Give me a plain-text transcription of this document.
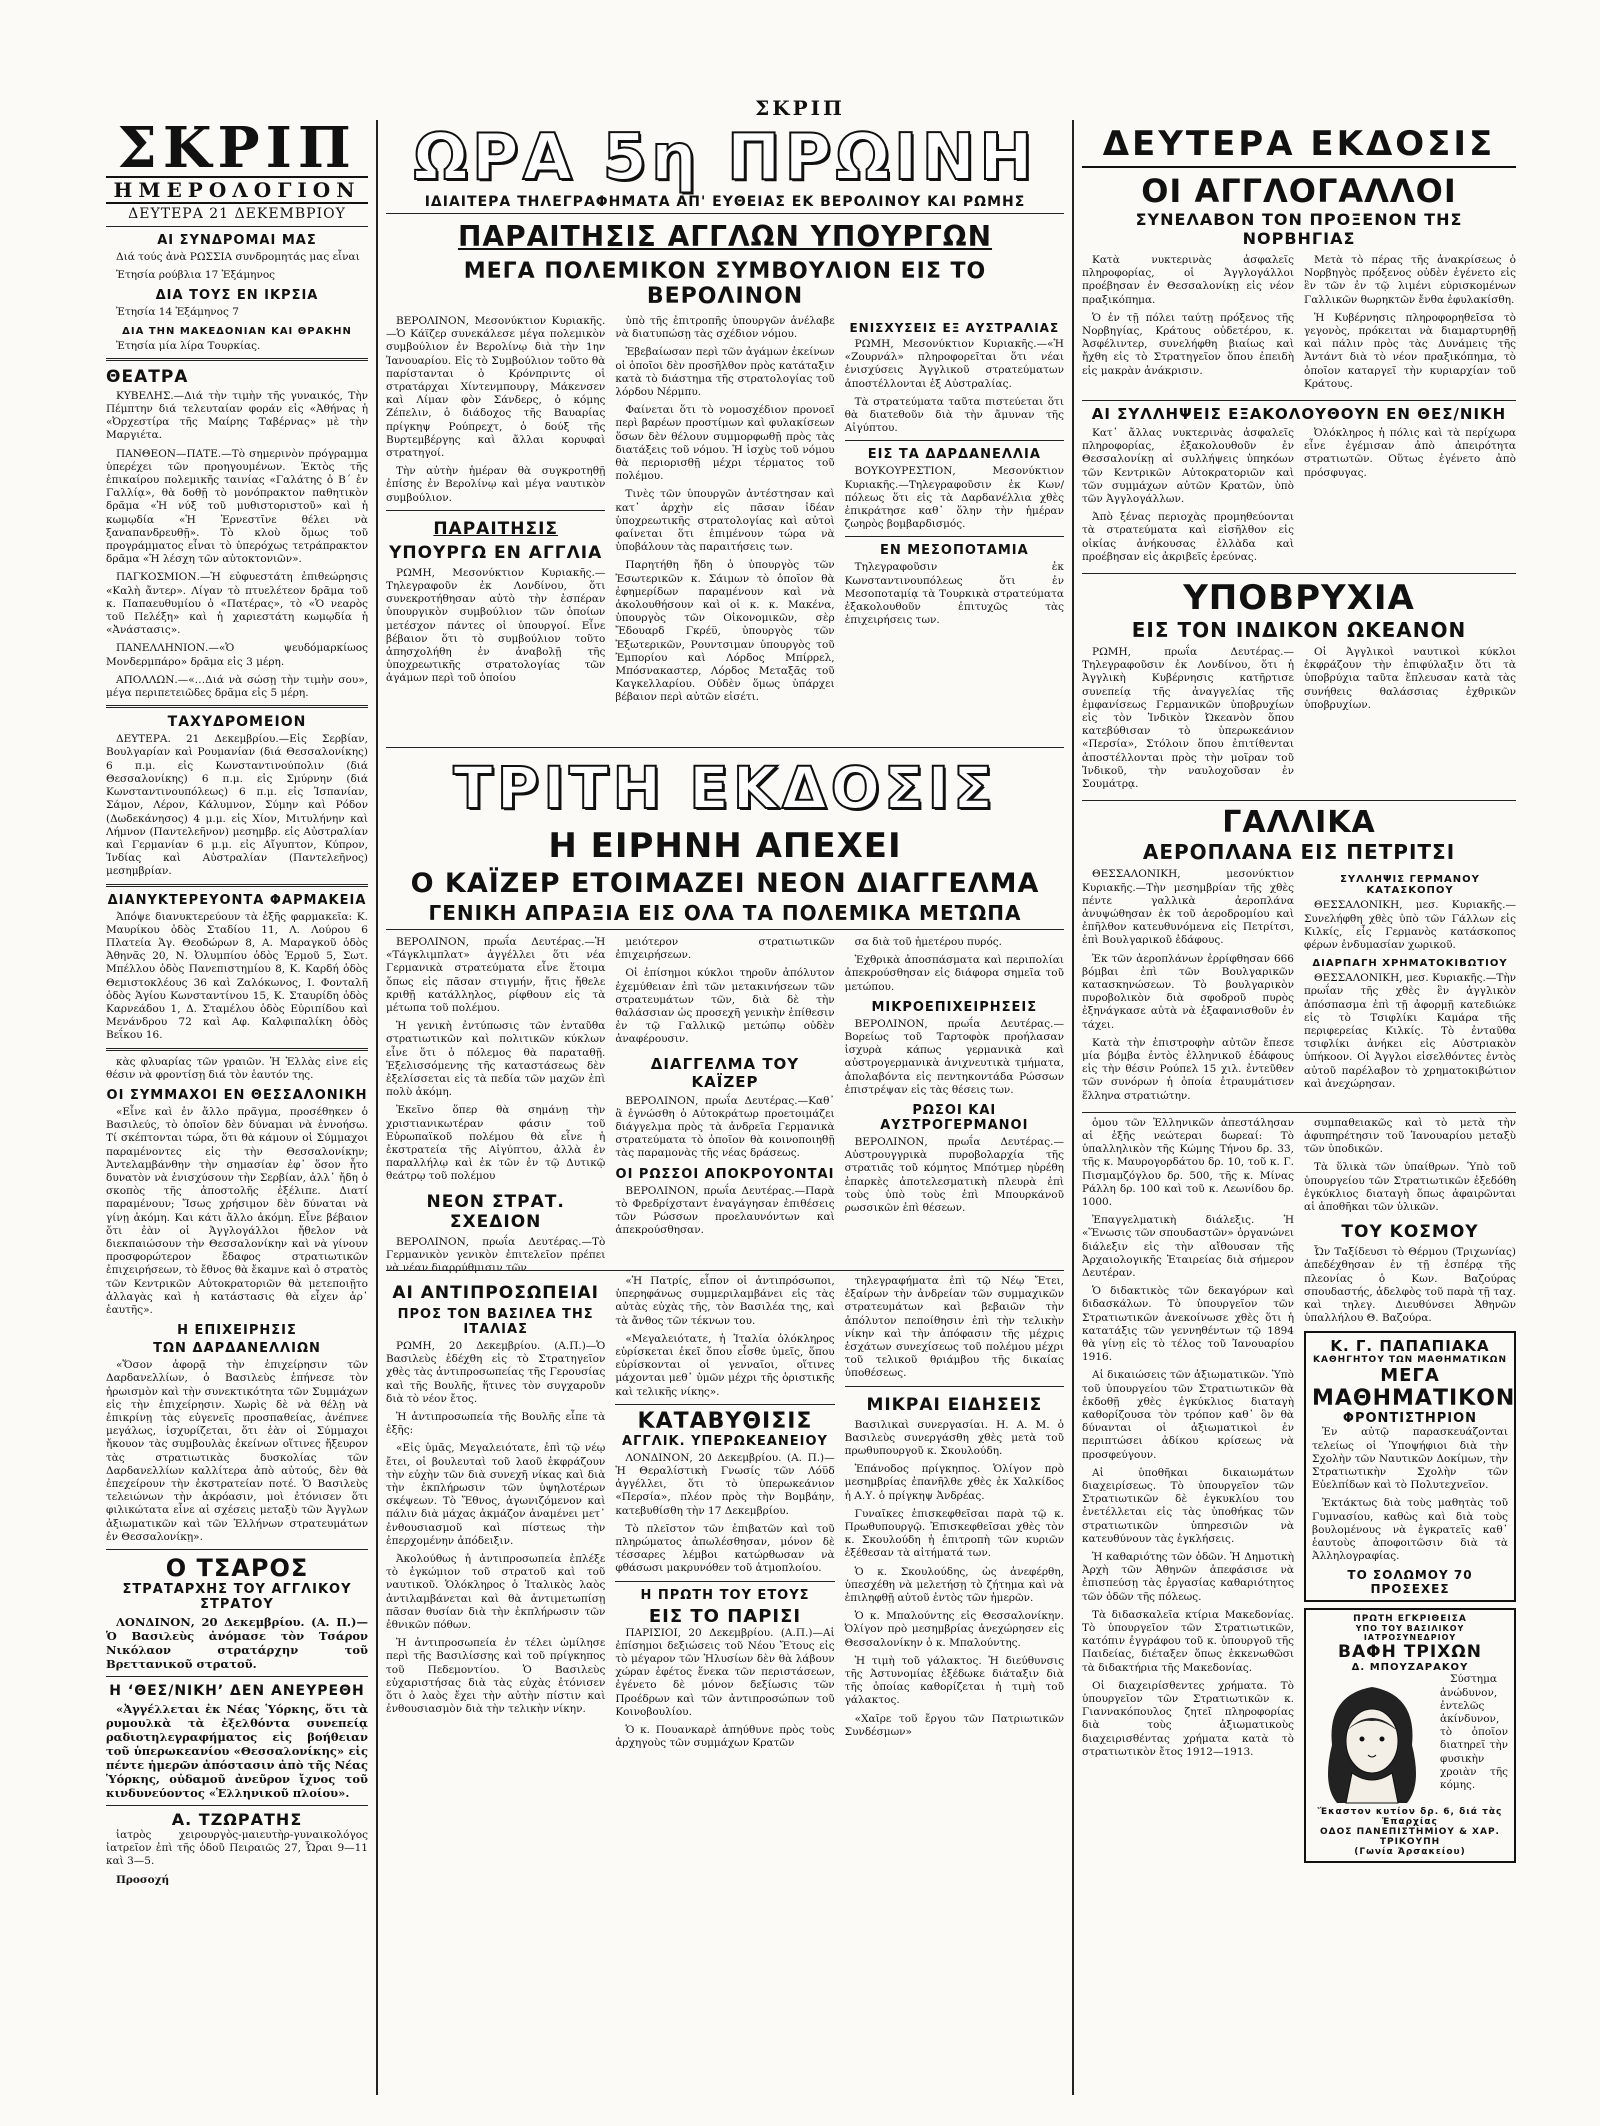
ΣΚΡΙΠ
ΣΚΡΙΠ
ΗΜΕΡΟΛΟΓΙΟΝ
ΔΕΥΤΕΡΑ 21 ΔΕΚΕΜΒΡΙΟΥ
ΑΙ ΣΥΝΔΡΟΜΑΙ ΜΑΣ

Διά τούς ἀνὰ ΡΩΣΣΙΑ συνδρομητάς μας εἶναι

Ἐτησία ρούβλια 17 Ἑξάμηνος

ΔΙΑ ΤΟΥΣ ΕΝ ΙΚΡΣΙΑ

Ἐτησία 14 Ἑξάμηνος 7

ΔΙΑ ΤΗΝ ΜΑΚΕΔΟΝΙΑΝ ΚΑΙ ΘΡΑΚΗΝ

Ἐτησία μία λίρα Τουρκίας.

ΘΕΑΤΡΑ

ΚΥΒΕΛΗΣ.—Διά τὴν τιμὴν τῆς γυναικός, Τὴν Πέμπτην διά τελευταίαν φοράν εἰς «Ἀθήνας ἡ «Ὀρχεστίρα τῆς Μαίρης Ταβέρνας» μὲ τὴν Μαργιέτα.

ΠΑΝΘΕΟΝ—ΠΑΤΕ.—Τὸ σημερινὸν πρόγραμμα ὑπερέχει τῶν προηγουμένων. Ἐκτὸς τῆς ἐπικαίρου πολεμικῆς ταινίας «Γαλάτης ὁ Β΄ ἐν Γαλλίᾳ», θὰ δοθῇ τὸ μονόπρακτον παθητικὸν δρᾶμα «Ἡ νύξ τοῦ μυθιστοριστοῦ» καὶ ἡ κωμῳδία «Ἡ Ἐρνεστῖνε θέλει νὰ ξαναπανδρευθῇ». Τὸ κλοὺ ὅμως τοῦ προγράμματος εἶναι τὸ ὑπερόχως τετράπρακτον δρᾶμα «Ἡ λέσχη τῶν αὐτοκτονιῶν».

ΠΑΓΚΟΣΜΙΟΝ.—Ἡ εὐφυεστάτη ἐπιθεώρησις «Καλὴ ἄντερ». Λίγαν τὸ πτυελέτεον δρᾶμα τοῦ κ. Παπαευθυμίου ὁ «Πατέρας», τὸ «Ὁ νεαρὸς τοῦ Πελέξη» καὶ ἡ χαριεστάτη κωμῳδία ἡ «Ἀνάστασις».

ΠΑΝΕΛΛΗΝΙΟΝ.—«Ὁ ψευδόμαρκίωος Μονδερμπάρο» δρᾶμα εἰς 3 μέρη.

ΑΠΟΛΛΩΝ.—«…Διά νὰ σώσῃ τὴν τιμὴν σου», μέγα περιπετειῶδες δρᾶμα εἰς 5 μέρη.

ΤΑΧΥΔΡΟΜΕΙΟΝ

ΔΕΥΤΕΡΑ. 21 Δεκεμβρίου.—Εἰς Σερβίαν, Βουλγαρίαν καὶ Ρουμανίαν (διά Θεσσαλονίκης) 6 π.μ. εἰς Κωνσταντινούπολιν (διά Θεσσαλονίκης) 6 π.μ. εἰς Σμύρνην (διά Κωνσταντινουπόλεως) 6 π.μ. εἰς Ἰσπανίαν, Σάμον, Λέρον, Κάλυμνον, Σύμην καὶ Ρόδον (Δωδεκάνησος) 4 μ.μ. εἰς Χίον, Μιτυλήνην καὶ Λήμνον (Παντελεῆνον) μεσημβρ. εἰς Αὐστραλίαν καὶ Γερμανίαν 6 μ.μ. εἰς Αἴγυπτον, Κύπρον, Ἰνδίας καὶ Αὐστραλίαν (Παντελεῆνος) μεσημβρίαν.

ΔΙΑΝΥΚΤΕΡΕΥΟΝΤΑ ΦΑΡΜΑΚΕΙΑ

Ἀπόψε διανυκτερεύουν τὰ ἑξῆς φαρμακεῖα: Κ. Μαυρίκου ὁδὸς Σταδίου 11, Λ. Λούρου 6 Πλατεία Ἁγ. Θεοδώρων 8, Α. Μαραγκοῦ ὁδὸς Ἀθηνᾶς 20, Ν. Ὀλυμπίου ὁδὸς Ἑρμοῦ 5, Σωτ. Μπέλλου ὁδὸς Πανεπιστημίου 8, Κ. Καρδή ὁδὸς Θεμιστοκλέους 36 καὶ Ζαλόκωνος, Ι. Φονταλῆ ὁδὸς Ἁγίου Κωνσταντίνου 15, Κ. Σταυρίδη ὁδὸς Καρνεάδου 1, Δ. Σταμέλου ὁδὸς Εὐριπίδου καὶ Μενάνδρου 72 καὶ Αφ. Καλφιπαλίκη ὁδὸς Βεΐκου 16.

κὰς φλυαρίας τῶν γραιῶν. Ἡ Ἑλλὰς εἰνε εἰς θέσιν νὰ φροντίσῃ διά τὸν ἑαυτόν της.

ΟΙ ΣΥΜΜΑΧΟΙ ΕΝ ΘΕΣΣΑΛΟΝΙΚΗ

«Εἶνε καὶ ἐν ἄλλο πρᾶγμα, προσέθηκεν ὁ Βασιλεύς, τὸ ὁποῖον δὲν δύναμαι νὰ ἐννοήσω. Τί σκέπτονται τώρα, ὅτι θὰ κάμουν οἱ Σύμμαχοι παραμένοντες εἰς τὴν Θεσσαλονίκην; Ἀντελαμβάνθην τὴν σημασίαν ἐφ᾽ ὅσον ἦτο δυνατὸν νὰ ἐνισχύσουν τὴν Σερβίαν, ἀλλ᾽ ἤδη ὁ σκοπὸς τῆς ἀποστολῆς ἐξέλιπε. Διατί παραμένουν; Ἴσως χρήσιμον δὲν δύναται νὰ γίνῃ ἀκόμη. Και κάτι ἄλλο ἀκόμη. Εἶνε βέβαιον ὅτι ἐὰν οἱ Ἀγγλογάλλοι ἤθελον νὰ διεκπαιώσουν τὴν Θεσσαλονίκην καὶ νὰ γίνουν προσφορώτερον ἔδαφος στρατιωτικῶν ἐπιχειρήσεων, τὸ ἔθνος θὰ ἔκαμνε καὶ ὁ στρατὸς τῶν Κεντρικῶν Αὐτοκρατοριῶν θὰ μετεποιῇτο ἀλλαγὰς καὶ ἡ κατάστασις θὰ εἶχεν ἀρ᾽ ἑαυτῆς».

Η ΕΠΙΧΕΙΡΗΣΙΣ
ΤΩΝ ΔΑΡΔΑΝΕΛΛΙΩΝ

«Ὅσον ἀφορᾷ τὴν ἐπιχείρησιν τῶν Δαρδανελλίων, ὁ Βασιλεὺς ἐπήνεσε τὸν ἡρωισμὸν καὶ τὴν συνεκτικότητα τῶν Συμμάχων εἰς τὴν ἐπιχείρησιν. Χωρὶς δὲ νὰ θέλῃ νὰ ἐπικρίνῃ τὰς εὐγενεῖς προσπαθείας, ἀνέπνεε μεγάλως, ἰσχυρίζεται, ὅτι ἐὰν οἱ Σύμμαχοι ἤκουον τὰς συμβουλὰς ἐκείνων οἵτινες ἤξευρον τὰς στρατιωτικὰς δυσκολίας τῶν Δαρδανελλίων καλλίτερα ἀπὸ αὐτούς, δὲν θὰ ἐπεχείρουν τὴν ἐκστρατείαν ποτέ. Ὁ Βασιλεὺς τελειώνων τὴν ἀκρόασιν, μοὶ ἐτόνισεν ὅτι φιλικώτατα εἶνε αἱ σχέσεις μεταξὺ τῶν Ἀγγλων ἀξιωματικῶν καὶ τῶν Ἑλλήνων στρατευμάτων ἐν Θεσσαλονίκῃ».

Ο ΤΣΑΡΟΣ
ΣΤΡΑΤΑΡΧΗΣ ΤΟΥ ΑΓΓΛΙΚΟΥ ΣΤΡΑΤΟΥ

ΛΟΝΔΙΝΟΝ, 20 Δεκεμβρίου. (Α. Π.)—Ὁ Βασιλεὺς ἀνόμασε τὸν Τσάρον Νικόλαον στρατάρχην τοῦ Βρεττανικοῦ στρατοῦ.

Η ‘ΘΕΣ/ΝΙΚΗ’ ΔΕΝ ΑΝΕΥΡΕΘΗ

«Ἀγγέλλεται ἐκ Νέας Ὑόρκης, ὅτι τὰ ρυμουλκὰ τὰ ἐξελθόντα συνεπείᾳ ραδιοτηλεγραφήματος εἰς βοήθειαν τοῦ ὑπερωκεανίου «Θεσσαλονίκης» εἰς πέντε ἡμερῶν ἀπόστασιν ἀπὸ τῆς Νέας Ὑόρκης, οὐδαμοῦ ἀνεῦρον ἴχνος τοῦ κινδυνεύοντος «Ἑλληνικοῦ πλοίου».

Α. ΤΖΩΡΑΤΗΣ

ἰατρὸς χειρουργὸς-μαιευτὴρ-γυναικολόγος ἰατρεῖον ἐπὶ τῆς ὁδοῦ Πειραιῶς 27, Ὧραι 9—11 καὶ 3—5.

Προσοχή

ΩΡΑ 5η ΠΡΩΙΝΗ
ΙΔΙΑΙΤΕΡΑ ΤΗΛΕΓΡΑΦΗΜΑΤΑ ΑΠ' ΕΥΘΕΙΑΣ ΕΚ ΒΕΡΟΛΙΝΟΥ ΚΑΙ ΡΩΜΗΣ
ΠΑΡΑΙΤΗΣΙΣ ΑΓΓΛΩΝ ΥΠΟΥΡΓΩΝ
ΜΕΓΑ ΠΟΛΕΜΙΚΟΝ ΣΥΜΒΟΥΛΙΟΝ ΕΙΣ ΤΟ ΒΕΡΟΛΙΝΟΝ

ΒΕΡΟΛΙΝΟΝ, Μεσονύκτιον Κυριακῆς.—Ὁ Κάϊζερ συνεκάλεσε μέγα πολεμικὸν συμβούλιον ἐν Βερολίνῳ διὰ τὴν 1ην Ἰανουαρίου. Εἰς τὸ Συμβούλιον τοῦτο θὰ παρίστανται ὁ Κρόνπριντς οἱ στρατάρχαι Χίντενμπουργ, Μάκενσεν καὶ Λίμαν φὸν Σάνδερς, ὁ κόμης Ζέπελιν, ὁ διάδοχος τῆς Βαυαρίας πρίγκηψ Ρούπρεχτ, ὁ δούξ τῆς Βυρτεμβέργης καὶ ἄλλαι κορυφαὶ στρατηγοί.

Τὴν αὐτὴν ἡμέραν θὰ συγκροτηθῇ ἐπίσης ἐν Βερολίνῳ καὶ μέγα ναυτικὸν συμβούλιον.

ΠΑΡΑΙΤΗΣΙΣ
ΥΠΟΥΡΓΩ ΕΝ ΑΓΓΛΙΑ

ΡΩΜΗ, Μεσονύκτιον Κυριακῆς.—Τηλεγραφοῦν ἐκ Λονδίνου, ὅτι συνεκροτήθησαν αὐτὸ τὴν ἑσπέραν ὑπουργικὸν συμβούλιον τῶν ὁποίων μετέσχον πάντες οἱ ὑπουργοί. Εἶνε βέβαιον ὅτι τὸ συμβούλιον τοῦτο ἀπησχολήθη ἐν ἀναβολῇ τῆς ὑποχρεωτικῆς στρατολογίας τῶν ἀγάμων περὶ τοῦ ὁποίου

ὑπὸ τῆς ἐπιτροπῆς ὑπουργῶν ἀνέλαβε νὰ διατυπώσῃ τὰς σχέδιον νόμου.

Ἐβεβαίωσαν περὶ τῶν ἀγάμων ἐκείνων οἱ ὁποῖοι δὲν προσῆλθον πρὸς κατάταξιν κατὰ τὸ διάστημα τῆς στρατολογίας τοῦ λόρδου Νέρμπυ.

Φαίνεται ὅτι τὸ νομοσχέδιον προνοεῖ περὶ βαρέων προστίμων καὶ φυλακίσεων ὅσων δὲν θέλουν συμμορφωθῇ πρὸς τὰς διατάξεις τοῦ νόμου. Ἡ ἰσχὺς τοῦ νόμου θὰ περιορισθῇ μέχρι τέρματος τοῦ πολέμου.

Τινὲς τῶν ὑπουργῶν ἀντέστησαν καὶ κατ᾽ ἀρχὴν εἰς πᾶσαν ἰδέαν ὑποχρεωτικῆς στρατολογίας καὶ αὐτοὶ φαίνεται ὅτι ἐπιμένουν τώρα νὰ ὑποβάλουν τὰς παραιτήσεις των.

Παρητήθη ἤδη ὁ ὑπουργὸς τῶν Ἐσωτερικῶν κ. Σάιμων τὸ ὁποῖον θὰ ἐφημερίδων παραμένουν καὶ νὰ ἀκολουθήσουν καὶ οἱ κ. κ. Μακένα, ὑπουργὸς τῶν Οἰκονομικῶν, σὲρ Ἔδουαρδ Γκρέϋ, ὑπουργὸς τῶν Ἐξωτερικῶν, Ρουντσιμαν ὑπουργὸς τοῦ Ἐμπορίου καὶ Λόρδος Μπίρρελ, Μπόσνακαστερ, Λόρδος Μεταξᾶς τοῦ Καγκελλαρίου. Οὐδὲν ὅμως ὑπάρχει βέβαιον περὶ αὐτῶν εἰσέτι.

ΕΝΙΣΧΥΣΕΙΣ ΕΞ ΑΥΣΤΡΑΛΙΑΣ

ΡΩΜΗ, Μεσονύκτιον Κυριακῆς.—«Ἡ «Ζουρνάλ» πληροφορεῖται ὅτι νέαι ἐνισχύσεις Ἀγγλικοῦ στρατεύματων ἀποστέλλονται ἐξ Αὐστραλίας.

Τὰ στρατεύματα ταῦτα πιστεύεται ὅτι θὰ διατεθοῦν διὰ τὴν ἄμυναν τῆς Αἰγύπτου.

ΕΙΣ ΤΑ ΔΑΡΔΑΝΕΛΛΙΑ

ΒΟΥΚΟΥΡΕΣΤΙΟΝ, Μεσονύκτιον Κυριακῆς.—Τηλεγραφοῦσιν ἐκ Κων/πόλεως ὅτι εἰς τὰ Δαρδανέλλια χθὲς ἐπικράτησε καθ᾽ ὅλην τὴν ἡμέραν ζωηρὸς βομβαρδισμός.

ΕΝ ΜΕΣΟΠΟΤΑΜΙΑ

Τηλεγραφοῦσιν ἐκ Κωνσταντινουπόλεως ὅτι ἐν Μεσοποταμίᾳ τὰ Τουρκικὰ στρατεύματα ἐξακολουθοῦν ἐπιτυχῶς τὰς ἐπιχειρήσεις των.

ΤΡΙΤΗ ΕΚΔΟΣΙΣ
Η ΕΙΡΗΝΗ ΑΠΕΧΕΙ
Ο ΚΑΪΖΕΡ ΕΤΟΙΜΑΖΕΙ ΝΕΟΝ ΔΙΑΓΓΕΛΜΑ
ΓΕΝΙΚΗ ΑΠΡΑΞΙΑ ΕΙΣ ΟΛΑ ΤΑ ΠΟΛΕΜΙΚΑ ΜΕΤΩΠΑ

ΒΕΡΟΛΙΝΟΝ, πρωΐα Δευτέρας.—Ἡ «Τάγκλιμπλατ» ἀγγέλλει ὅτι νέα Γερμανικὰ στρατεύματα εἶνε ἕτοιμα ὅπως εἰς πᾶσαν στιγμήν, ἤτις ἤθελε κριθῇ κατάλληλος, ρίφθουν εἰς τὰ μέτωπα τοῦ πολέμου.

Ἡ γενικὴ ἐντύπωσις τῶν ἐνταῦθα στρατιωτικῶν καὶ πολιτικῶν κύκλων εἶνε ὅτι ὁ πόλεμος θὰ παραταθῇ. Ἐξελισσόμενης τῆς καταστάσεως δὲν ἐξελίσσεται εἰς τὰ πεδία τῶν μαχῶν ἐπὶ πολὺ ἀκόμη.

Ἐκεῖνο ὅπερ θὰ σημάνῃ τὴν χριστιανικωτέραν φάσιν τοῦ Εὐρωπαϊκοῦ πολέμου θὰ εἶνε ἡ ἐκστρατεία τῆς Αἰγύπτου, ἀλλὰ ἐν παραλλήλῳ καὶ ἐκ τῶν ἐν τῷ Δυτικῷ θεάτρῳ τοῦ πολέμου

ΝΕΟΝ ΣΤΡΑΤ. ΣΧΕΔΙΟΝ

ΒΕΡΟΛΙΝΟΝ, πρωΐα Δευτέρας.—Τὸ Γερμανικὸν γενικὸν ἐπιτελεῖον πρέπει νὰ νέαν διαρρύθμισιν τῶν

μειότερον στρατιωτικῶν ἐπιχειρήσεων.

Οἱ ἐπίσημοι κύκλοι τηροῦν ἀπόλυτον ἐχεμύθειαν ἐπὶ τῶν μετακινήσεων τῶν στρατευμάτων τῶν, διὰ δὲ τὴν θαλάσσιαν ὡς προσεχῆ γενικὴν ἐπίθεσιν ἐν τῷ Γαλλικῷ μετώπῳ οὐδὲν ἀναφέρουσιν.

ΔΙΑΓΓΕΛΜΑ ΤΟΥ ΚΑΪΖΕΡ

ΒΕΡΟΛΙΝΟΝ, πρωΐα Δευτέρας.—Καθ᾽ ἃ ἐγνώσθη ὁ Αὐτοκράτωρ προετοιμάζει διάγγελμα πρὸς τὰ ἀνδρεῖα Γερμανικὰ στρατεύματα τὸ ὁποῖον θὰ κοινοποιηθῇ τὰς παραμονὰς τῆς νέας δράσεως.

ΟΙ ΡΩΣΣΟΙ ΑΠΟΚΡΟΥΟΝΤΑΙ

ΒΕΡΟΛΙΝΟΝ, πρωΐα Δευτέρας.—Παρὰ τὸ Φρεδρίχσταντ ἐναγάγησαν ἐπιθέσεις τῶν Ρώσσων προελαυνόντων καὶ ἀπεκρούσθησαν.

σα διὰ τοῦ ἡμετέρου πυρός.

Ἐχθρικὰ ἀποσπάσματα καὶ περιπολίαι ἀπεκρούσθησαν εἰς διάφορα σημεῖα τοῦ μετώπου.

ΜΙΚΡΟΕΠΙΧΕΙΡΗΣΕΙΣ

ΒΕΡΟΛΙΝΟΝ, πρωΐα Δευτέρας.—Βορείως τοῦ Ταρτοφὸκ προήλασαν ἰσχυρὰ κάπως γερμανικὰ καὶ αὐστρογερμανικὰ ἀνιχνευτικὰ τμήματα, ἀπολαβόντα εἰς πεντηκοντάδα Ρώσσων ἐπιστρέψαν εἰς τὰς θέσεις των.

ΡΩΣΟΙ ΚΑΙ ΑΥΣΤΡΟΓΕΡΜΑΝΟΙ

ΒΕΡΟΛΙΝΟΝ, πρωΐα Δευτέρας.—Αὐστρουγγρικὰ πυροβολαρχία τῆς στρατιᾶς τοῦ κόμητος Μπότμερ ηὐρέθη ἐπαρκὲς ἀποτελεσματικὴ πλευρὰ ἐπὶ τοὺς ὑπὸ τοὺς ἐπὶ Μπουρκάνοῦ ρωσσικῶν ἐπὶ θέσεων.

ΑΙ ΑΝΤΙΠΡΟΣΩΠΕΙΑΙ
ΠΡΟΣ ΤΟΝ ΒΑΣΙΛΕΑ ΤΗΣ ΙΤΑΛΙΑΣ

ΡΩΜΗ, 20 Δεκεμβρίου. (Α.Π.)—Ὁ Βασιλεὺς ἐδέχθη εἰς τὸ Στρατηγεῖον χθὲς τὰς ἀντιπροσωπείας τῆς Γερουσίας καὶ τῆς Βουλῆς, ἥτινες τὸν συγχαροῦν διὰ τὸ νέον ἔτος.

Ἡ ἀντιπροσωπεία τῆς Βουλῆς εἶπε τὰ ἑξῆς:

«Εἰς ὑμᾶς, Μεγαλειότατε, ἐπὶ τῷ νέῳ ἔτει, οἱ βουλευταὶ τοῦ λαοῦ ἐκφράζουν τὴν εὐχὴν τῶν διὰ συνεχῆ νίκας καὶ διὰ τὴν ἐκπλήρωσιν τῶν ὑψηλοτέρων σκέψεων. Τὸ Ἔθνος, ἀγωνιζόμενον καὶ πάλιν διὰ μάχας ἀκμάζον ἀναμένει μετ᾽ ἐνθουσιασμοῦ καὶ πίστεως τὴν ἐπερχομένην ἀπόδειξιν.

Ἀκολούθως ἡ ἀντιπροσωπεία ἐπλέξε τὸ ἐγκώμιον τοῦ στρατοῦ καὶ τοῦ ναυτικοῦ. Ὁλόκληρος ὁ Ἰταλικὸς λαὸς ἀντιλαμβάνεται καὶ θὰ ἀντιμετωπίσῃ πᾶσαν θυσίαν διὰ τὴν ἐκπλήρωσιν τῶν ἐθνικῶν πόθων.

Ἡ ἀντιπροσωπεία ἐν τέλει ὡμίλησε περὶ τῆς Βασιλίσσης καὶ τοῦ πρίγκηπος τοῦ Πεδεμοντίου. Ὁ Βασιλεὺς εὐχαριστήσας διὰ τὰς εὐχὰς ἐτόνισεν ὅτι ὁ λαὸς ἔχει τὴν αὐτὴν πίστιν καὶ ἐνθουσιασμὸν διὰ τὴν τελικὴν νίκην.

«Ἡ Πατρίς, εἶπον οἱ ἀντιπρόσωποι, ὑπερηφάνως συμμεριλαμβάνει εἰς τὰς αὐτὰς εὐχὰς τῆς, τὸν Βασιλέα της, καὶ τὰ ἄνθος τῶν τέκνων του.

«Μεγαλειότατε, ἡ Ἰταλία ὁλόκληρος εὑρίσκεται ἐκεῖ ὅπου εἶσθε ὑμεῖς, ὅπου εὑρίσκονται οἱ γενναῖοι, οἵτινες μάχονται μεθ᾽ ὑμῶν μέχρι τῆς ὁριστικῆς καὶ τελικῆς νίκης».

ΚΑΤΑΒΥΘΙΣΙΣ
ΑΓΓΛΙΚ. ΥΠΕΡΩΚΕΑΝΕΙΟΥ

ΛΟΝΔΙΝΟΝ, 20 Δεκεμβρίου. (Α. Π.)—Ἡ Θεραλίστικὴ Γνωσίς τῶν Λόϋδ ἀγγέλλει, ὅτι τὸ ὑπερωκεάνιον «Περσία», πλέον πρὸς τὴν Βομβάην, κατεβυθίσθη τὴν 17 Δεκεμβρίου.

Τὸ πλεῖστον τῶν ἐπιβατῶν καὶ τοῦ πληρώματος ἀπωλέσθησαν, μόνον δὲ τέσσαρες λέμβοι κατώρθωσαν νὰ φθάσωσι μακρυνόθεν τοῦ ἀτμοπλοίου.

Η ΠΡΩΤΗ ΤΟΥ ΕΤΟΥΣ
ΕΙΣ ΤΟ ΠΑΡΙΣΙ

ΠΑΡΙΣΙΟΙ, 20 Δεκεμβρίου. (Α.Π.)—Αἱ ἐπίσημοι δεξιώσεις τοῦ Νέου Ἔτους εἰς τὸ μέγαρον τῶν Ἠλυσίων δὲν θὰ λάβουν χώραν ἐφέτος ἕνεκα τῶν περιστάσεων, ἐγένετο δὲ μόνον δεξίωσις τῶν Προέδρων καὶ τῶν ἀντιπροσώπων τοῦ Κοινοβουλίου.

Ὁ κ. Πουανκαρὲ ἀπηύθυνε πρὸς τοὺς ἀρχηγοὺς τῶν συμμάχων Κρατῶν

τηλεγραφήματα ἐπὶ τῷ Νέῳ Ἔτει, ἐξαίρων τὴν ἀνδρείαν τῶν συμμαχικῶν στρατευμάτων καὶ βεβαιῶν τὴν ἀπόλυτον πεποίθησιν ἐπὶ τὴν τελικὴν νίκην καὶ τὴν ἀπόφασιν τῆς μέχρις ἐσχάτων συνεχίσεως τοῦ πολέμου μέχρι τοῦ τελικοῦ θριάμβου τῆς δικαίας ὑποθέσεως.

ΜΙΚΡΑΙ ΕΙΔΗΣΕΙΣ

Βασιλικαὶ συνεργασίαι. Η. Α. Μ. ὁ Βασιλεὺς συνεργάσθη χθὲς μετὰ τοῦ πρωθυπουργοῦ κ. Σκουλούδη.

Ἐπάνοδος πρίγκηπος. Ὁλίγον πρὸ μεσημβρίας ἐπανῆλθε χθὲς ἐκ Χαλκίδος ἡ Α.Υ. ὁ πρίγκηψ Ἀνδρέας.

Γυναῖκες ἐπισκεφθεῖσαι παρὰ τῷ κ. Πρωθυπουργῷ. Ἐπισκεφθεῖσαι χθὲς τὸν κ. Σκουλούδη ἡ ἐπιτροπὴ τῶν κυριῶν ἐξέθεσαν τὰ αἰτήματά των.

Ὁ κ. Σκουλούδης, ὡς ἀνεφέρθη, ὑπεσχέθη νὰ μελετήσῃ τὸ ζήτημα καὶ νὰ ἐπιληφθῇ αὐτοῦ ἐντὸς τῶν ἡμερῶν.

Ὁ κ. Μπαλούντης εἰς Θεσσαλονίκην. Ὀλίγον πρὸ μεσημβρίας ἀνεχώρησεν εἰς Θεσσαλονίκην ὁ κ. Μπαλούντης.

Ἡ τιμὴ τοῦ γάλακτος. Ἡ διεύθυνσις τῆς Ἀστυνομίας ἐξέδωκε διάταξιν διὰ τῆς ὁποίας καθορίζεται ἡ τιμὴ τοῦ γάλακτος.

«Χαῖρε τοῦ ἔργου τῶν Πατριωτικῶν Συνδέσμων»

ΔΕΥΤΕΡΑ ΕΚΔΟΣΙΣ
ΟΙ ΑΓΓΛΟΓΑΛΛΟΙ
ΣΥΝΕΛΑΒΟΝ ΤΟΝ ΠΡΟΞΕΝΟΝ ΤΗΣ ΝΟΡΒΗΓΙΑΣ

Κατὰ νυκτερινὰς ἀσφαλεῖς πληροφορίας, οἱ Ἀγγλογάλλοι προέβησαν ἐν Θεσσαλονίκῃ εἰς νέον πραξικόπημα.

Ὁ ἐν τῇ πόλει ταύτῃ πρόξενος τῆς Νορβηγίας, Κράτους οὐδετέρου, κ. Ἀσφέλιντερ, συνελήφθη βιαίως καὶ ἤχθη εἰς τὸ Στρατηγεῖον ὅπου ἐπειδὴ εἰς μακρὰν ἀνάκρισιν.

Μετὰ τὸ πέρας τῆς ἀνακρίσεως ὁ Νορβηγὸς πρόξενος οὐδὲν ἐγένετο εἰς ἓν τῶν ἐν τῷ λιμένι εὑρισκομένων Γαλλικῶν θωρηκτῶν ἔνθα ἐφυλακίσθη.

Ἡ Κυβέρνησις πληροφορηθεῖσα τὸ γεγονὸς, πρόκειται νὰ διαμαρτυρηθῇ καὶ πάλιν πρὸς τὰς Δυνάμεις τῆς Ἀντάντ διὰ τὸ νέον πραξικόπημα, τὸ ὁποῖον καταργεῖ τὴν κυριαρχίαν τοῦ Κράτους.

ΑΙ ΣΥΛΛΗΨΕΙΣ ΕΞΑΚΟΛΟΥΘΟΥΝ ΕΝ ΘΕΣ/ΝΙΚΗ

Κατ᾽ ἄλλας νυκτερινὰς ἀσφαλεῖς πληροφορίας, ἐξακολουθοῦν ἐν Θεσσαλονίκῃ αἱ συλλήψεις ὑπηκόων τῶν Κεντρικῶν Αὐτοκρατοριῶν καὶ τῶν συμμάχων αὐτῶν Κρατῶν, ὑπὸ τῶν Ἀγγλογάλλων.

Ἀπὸ ξένας περιοχὰς προμηθεύονται τὰ στρατεύματα καὶ εἰσῆλθον εἰς οἰκίας ἀνήκουσας ἐλλὰδα καὶ προέβησαν εἰς ἀκριβεῖς ἐρεύνας.

Ὀλόκληρος ἡ πόλις καὶ τὰ περίχωρα εἶνε ἐγέμισαν ἀπὸ ἀπειρότητα στρατιωτῶν. Οὕτως ἐγένετο ἀπὸ πρόσφυγας.

ΥΠΟΒΡΥΧΙΑ
ΕΙΣ ΤΟΝ ΙΝΔΙΚΟΝ ΩΚΕΑΝΟΝ

ΡΩΜΗ, πρωΐα Δευτέρας.—Τηλεγραφοῦσιν ἐκ Λονδίνου, ὅτι ἡ Ἀγγλικὴ Κυβέρνησις κατῆρτισε συνεπείᾳ τῆς ἀναγγελίας τῆς ἐμφανίσεως Γερμανικῶν ὑποβρυχίων εἰς τὸν Ἰνδικὸν Ὠκεανὸν ὅπου κατεβύθισαν τὸ ὑπερωκεάνιον «Περσία», Στόλοιν ὅπου ἐπιτίθενται ἀποστέλλονται πρὸς τὴν μοῖραν τοῦ Ἰνδικοῦ, τὴν ναυλοχοῦσαν ἐν Σουμάτρᾳ.

Οἱ Ἀγγλικοὶ ναυτικοὶ κύκλοι ἐκφράζουν τὴν ἐπιφύλαξιν ὅτι τὰ ὑποβρύχια ταῦτα ἔπλευσαν κατὰ τὰς συνήθεις θαλάσσιας ἐχθρικῶν ὑποβρυχίων.

ΓΑΛΛΙΚΑ
ΑΕΡΟΠΛΑΝΑ ΕΙΣ ΠΕΤΡΙΤΣΙ

ΘΕΣΣΑΛΟΝΙΚΗ, μεσονύκτιον Κυριακῆς.—Τὴν μεσημβρίαν τῆς χθὲς πέντε γαλλικὰ ἀεροπλάνα ἀνυψώθησαν ἐκ τοῦ ἀεροδρομίου καὶ ἐπῆλθον κατευθυνόμενα εἰς Πετρίτσι, ἐπὶ Βουλγαρικοῦ ἐδάφους.

Ἐκ τῶν ἀεροπλάνων ἐρρίφθησαν 666 βόμβαι ἐπὶ τῶν Βουλγαρικῶν κατασκηνώσεων. Τὸ βουλγαρικὸν πυροβολικὸν διὰ σφοδροῦ πυρὸς ἐξηνάγκασε αὐτὰ νὰ ἐξαφανισθοῦν ἐν τάχει.

Κατὰ τὴν ἐπιστροφὴν αὐτῶν ἔπεσε μία βόμβα ἐντὸς ἑλληνικοῦ ἐδάφους εἰς τὴν θέσιν Ρούπελ 15 χιλ. ἐντεῦθεν τῶν συνόρων ἡ ὁποία ἐτραυμάτισεν ἕλληνα στρατιώτην.

ΣΥΛΛΗΨΙΣ ΓΕΡΜΑΝΟΥ ΚΑΤΑΣΚΟΠΟΥ

ΘΕΣΣΑΛΟΝΙΚΗ, μεσ. Κυριακῆς.—Συνελήφθη χθὲς ὑπὸ τῶν Γάλλων εἰς Κιλκίς, εἷς Γερμανὸς κατάσκοπος φέρων ἐνδυμασίαν χωρικοῦ.

ΔΙΑΡΠΑΓΗ ΧΡΗΜΑΤΟΚΙΒΩΤΙΟΥ

ΘΕΣΣΑΛΟΝΙΚΗ, μεσ. Κυριακῆς.—Τὴν πρωΐαν τῆς χθὲς ἓν ἀγγλικὸν ἀπόσπασμα ἐπὶ τῇ ἀφορμῇ κατεδιώκε εἰς τὸ Τσιφλίκι Καμάρα τῆς περιφερείας Κιλκίς. Τὸ ἐνταῦθα τσιφλίκι ἀνήκει εἰς Αὐστριακὸν ὑπήκοον. Οἱ Ἀγγλοι εἰσελθόντες ἐντὸς αὐτοῦ παρέλαβον τὸ χρηματοκιβώτιον καὶ ἀνεχώρησαν.

ὁμου τῶν Ἑλληνικῶν ἀπεστάλησαν αἱ ἑξῆς νεώτεραι δωρεαί: Τὸ ὑπαλληλικὸν τῆς Κώμης Τήνου δρ. 33, τῆς κ. Μαυρογορδάτου δρ. 10, τοῦ κ. Γ. Πισμαμζόγλου δρ. 500, τῆς κ. Μίνας Ράλλη δρ. 100 καὶ τοῦ κ. Λεωνίδου δρ. 1000.

Ἐπαγγελματικὴ διάλεξις. Ἡ «Ἕνωσις τῶν σπουδαστῶν» ὀργανώνει διάλεξιν εἰς τὴν αἴθουσαν τῆς Ἀρχαιολογικῆς Ἑταιρείας διὰ σήμερον Δευτέραν.

Ὁ διδακτικὸς τῶν δεκαγόρων καὶ διδασκάλων. Τὸ ὑπουργεῖον τῶν Στρατιωτικῶν ἀνεκοίνωσε χθὲς ὅτι ἡ κατατάξις τῶν γεννηθέντων τῷ 1894 θὰ γίνῃ εἰς τὸ τέλος τοῦ Ἰανουαρίου 1916.

Αἱ δικαιώσεις τῶν ἀξιωματικῶν. Ὑπὸ τοῦ ὑπουργείου τῶν Στρατιωτικῶν θὰ ἐκδοθῇ χθὲς ἐγκύκλιος διαταγὴ καθορίζουσα τὸν τρόπον καθ᾽ ὃν θὰ δύνανται οἱ ἀξιωματικοὶ ἐν περιπτώσει ἀδίκου κρίσεως νὰ προσφεύγουν.

Αἱ ὑποθῆκαι δικαιωμάτων διαχειρίσεως. Τὸ ὑπουργεῖον τῶν Στρατιωτικῶν δὲ ἐγκυκλίου του ἐνετέλλεται εἰς τὰς ὑποθήκας τῶν στρατιωτικῶν ὑπηρεσιῶν νὰ κατευθύνουν τὰς ἐγκλήσεις.

Ἡ καθαριότης τῶν ὁδῶν. Ἡ Δημοτικὴ Ἀρχὴ τῶν Ἀθηνῶν ἀπεφάσισε νὰ ἐπισπεύσῃ τὰς ἐργασίας καθαριότητος τῶν ὁδῶν τῆς πόλεως.

Τὰ διδασκαλεῖα κτίρια Μακεδονίας. Τὸ ὑπουργεῖον τῶν Στρατιωτικῶν, κατόπιν ἐγγράφου τοῦ κ. ὑπουργοῦ τῆς Παιδείας, διέταξεν ὅπως ἐκκενωθῶσι τὰ διδακτήρια τῆς Μακεδονίας.

Οἱ διαχειρίσθεντες χρήματα. Τὸ ὑπουργεῖον τῶν Στρατιωτικῶν κ. Γιαννακόπουλος ζητεῖ πληροφορίας διὰ τοὺς ἀξιωματικοὺς διαχειρισθέντας χρήματα κατὰ τὸ στρατιωτικὸν ἔτος 1912—1913.

συμπαθειακῶς καὶ τὸ μετὰ τὴν ἀφυπηρέτησιν τοῦ Ἰανουαρίου μεταξὺ τῶν ὑποδικῶν.

Τὰ ὕλικὰ τῶν ὑπαίθρων. Ὑπὸ τοῦ ὑπουργείου τῶν Στρατιωτικῶν ἐξεδόθη ἐγκύκλιος διαταγὴ ὅπως ἀφαιρῶνται αἱ ἀποθῆκαι τῶν ὑλικῶν.

ΤΟΥ ΚΟΣΜΟΥ

Ὦν Ταξίδευσι τὸ Θέρμου (Τριχωνίας) ἀπεδέχθησαν ἐν τῇ ἑσπέρᾳ τῆς πλεονίας ὁ Κων. Βαζούρας σπουδαστής, ἀδελφὸς τοῦ παρὰ τῇ ταχ. καὶ τηλεγ. Διευθύνσει Ἀθηνῶν ὑπαλλήλου Θ. Βαζούρα.

Κ. Γ. ΠΑΠΑΠΙΑΚΑ
ΚΑΘΗΓΗΤΟΥ ΤΩΝ ΜΑΘΗΜΑΤΙΚΩΝ
ΜΕΓΑ
ΜΑΘΗΜΑΤΙΚΟΝ
ΦΡΟΝΤΙΣΤΗΡΙΟΝ

Ἐν αὐτῷ παρασκευάζονται τελείως οἱ Ὑποψήφιοι διὰ τὴν Σχολὴν τῶν Ναυτικῶν Δοκίμων, τὴν Στρατιωτικὴν Σχολὴν τῶν Εὐελπίδων καὶ τὸ Πολυτεχνεῖον.

Ἐκτάκτως διὰ τοὺς μαθητὰς τοῦ Γυμνασίου, καθὼς καὶ διὰ τοὺς βουλομένους νὰ ἐγκρατεῖς καθ᾽ ἑαυτοὺς ἀποφοιτῶσιν διὰ τὰ Ἀλληλογραφίας.

ΤΟ ΣΟΛΩΜΟΥ 70
ΠΡΟΣΕΧΕΣ
ΠΡΩΤΗ ΕΓΚΡΙΘΕΙΣΑ
ΥΠΟ ΤΟΥ ΒΑΣΙΛΙΚΟΥ ΙΑΤΡΟΣΥΝΕΔΡΙΟΥ
ΒΑΦΗ ΤΡΙΧΩΝ
Δ. ΜΠΟΥΖΑΡΑΚΟΥ

Σύστημα ἀνώδυνον, ἐντελῶς ἀκίνδυνον, τὸ ὁποῖον διατηρεῖ τὴν φυσικὴν χροιὰν τῆς κόμης.

Ἕκαστον κυτίον δρ. 6, διά τὰς Ἐπαρχίας
ΟΔΟΣ ΠΑΝΕΠΙΣΤΗΜΙΟΥ & ΧΑΡ. ΤΡΙΚΟΥΠΗ
(Γωνία Ἀρσακείου)
